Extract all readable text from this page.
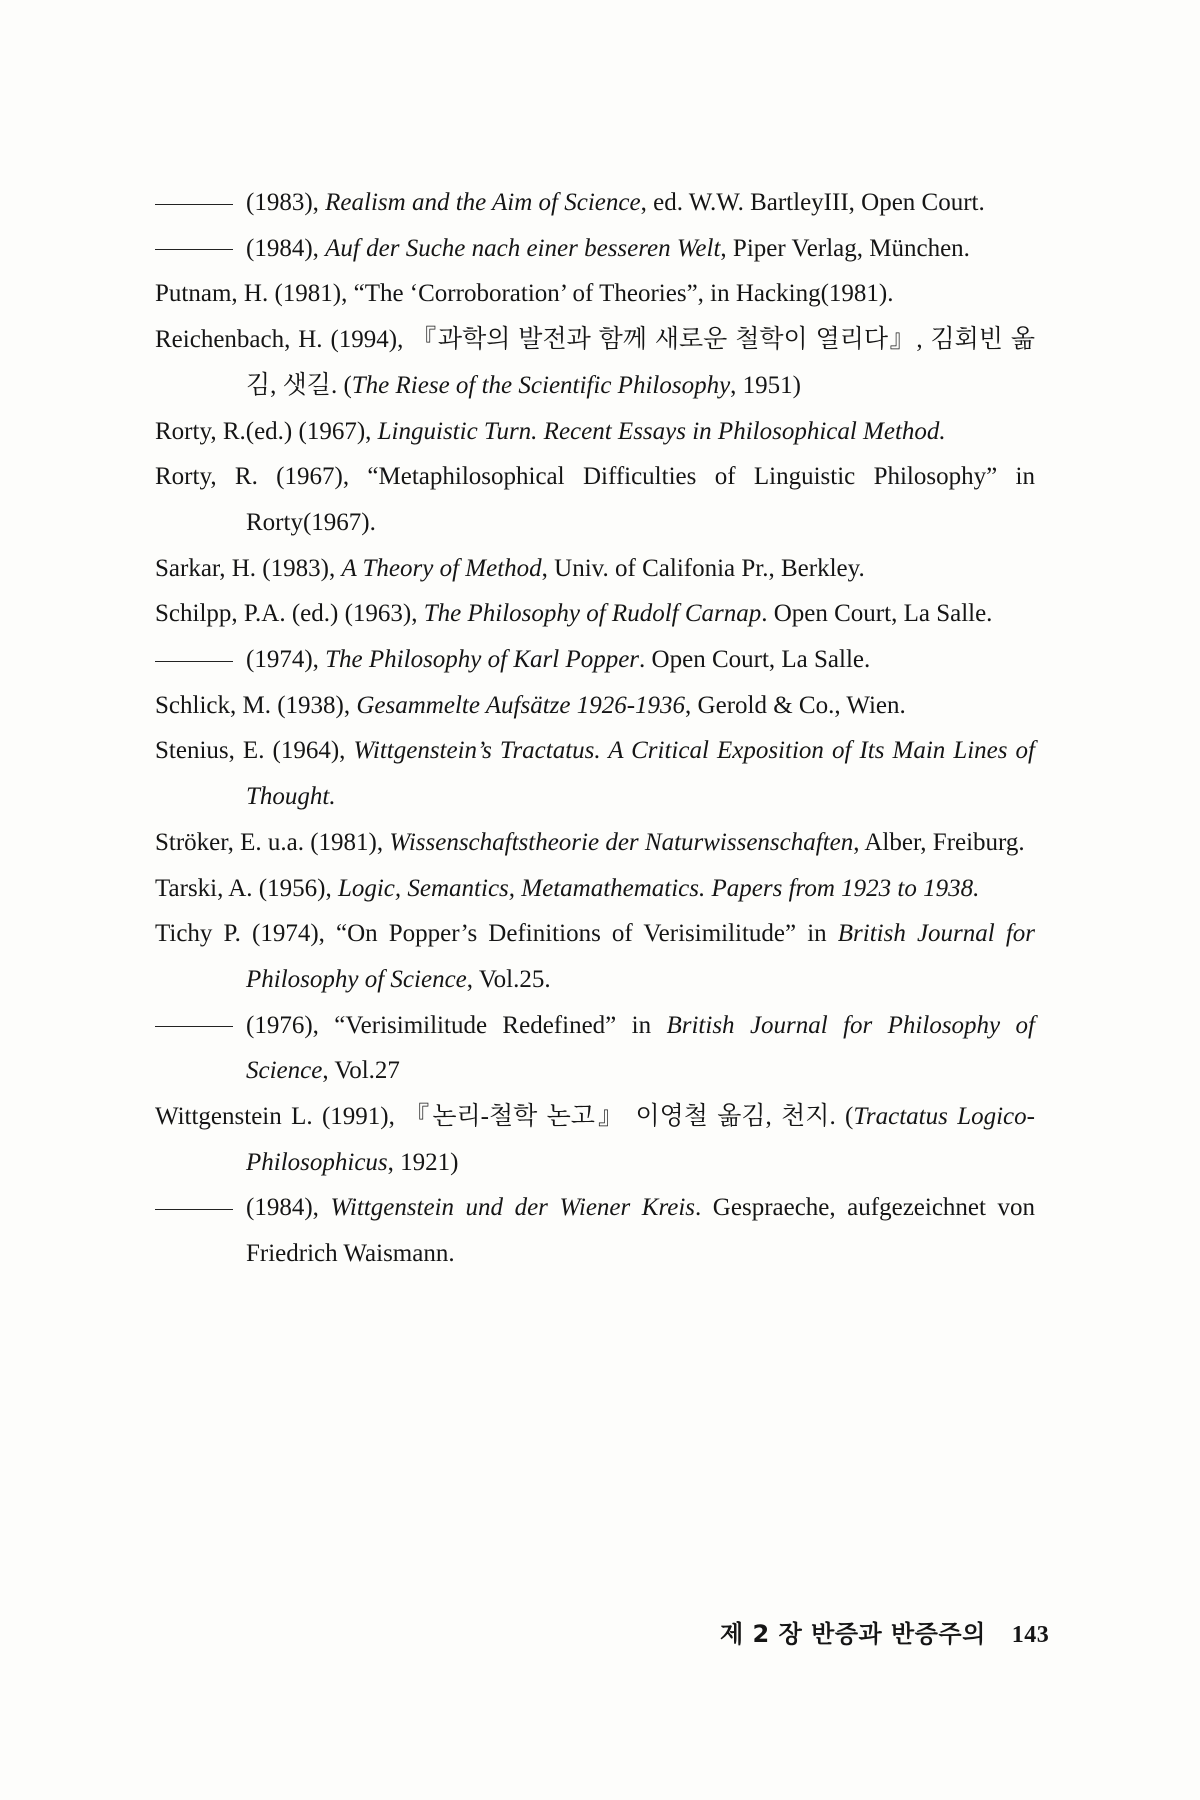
(1983), Realism and the Aim of Science, ed. W.W. BartleyIII, Open Court.
(1984), Auf der Suche nach einer besseren Welt, Piper Verlag, München.
Putnam, H. (1981), “The ‘Corroboration’ of Theories”, in Hacking(1981).
Reichenbach, H. (1994), 『과학의 발전과 함께 새로운 철학이 열리다』, 김회빈 옮김, 샛길. (The Riese of the Scientific Philosophy, 1951)
Rorty, R.(ed.) (1967), Linguistic Turn. Recent Essays in Philosophical Method.
Rorty, R. (1967), “Metaphilosophical Difficulties of Linguistic Philosophy” in Rorty(1967).
Sarkar, H. (1983), A Theory of Method, Univ. of Califonia Pr., Berkley.
Schilpp, P.A. (ed.) (1963), The Philosophy of Rudolf Carnap. Open Court, La Salle.
(1974), The Philosophy of Karl Popper. Open Court, La Salle.
Schlick, M. (1938), Gesammelte Aufsätze 1926-1936, Gerold & Co., Wien.
Stenius, E. (1964), Wittgenstein’s Tractatus. A Critical Exposition of Its Main Lines of Thought.
Ströker, E. u.a. (1981), Wissenschaftstheorie der Naturwissenschaften, Alber, Freiburg.
Tarski, A. (1956), Logic, Semantics, Metamathematics. Papers from 1923 to 1938.
Tichy P. (1974), “On Popper’s Definitions of Verisimilitude” in British Journal for Philosophy of Science, Vol.25.
(1976), “Verisimilitude Redefined” in British Journal for Philosophy of Science, Vol.27
Wittgenstein L. (1991), 『논리-철학 논고』 이영철 옮김, 천지. (Tractatus Logico-Philosophicus, 1921)
(1984), Wittgenstein und der Wiener Kreis. Gespraeche, aufgezeichnet von Friedrich Waismann.
제 2 장 반증과 반증주의 143
